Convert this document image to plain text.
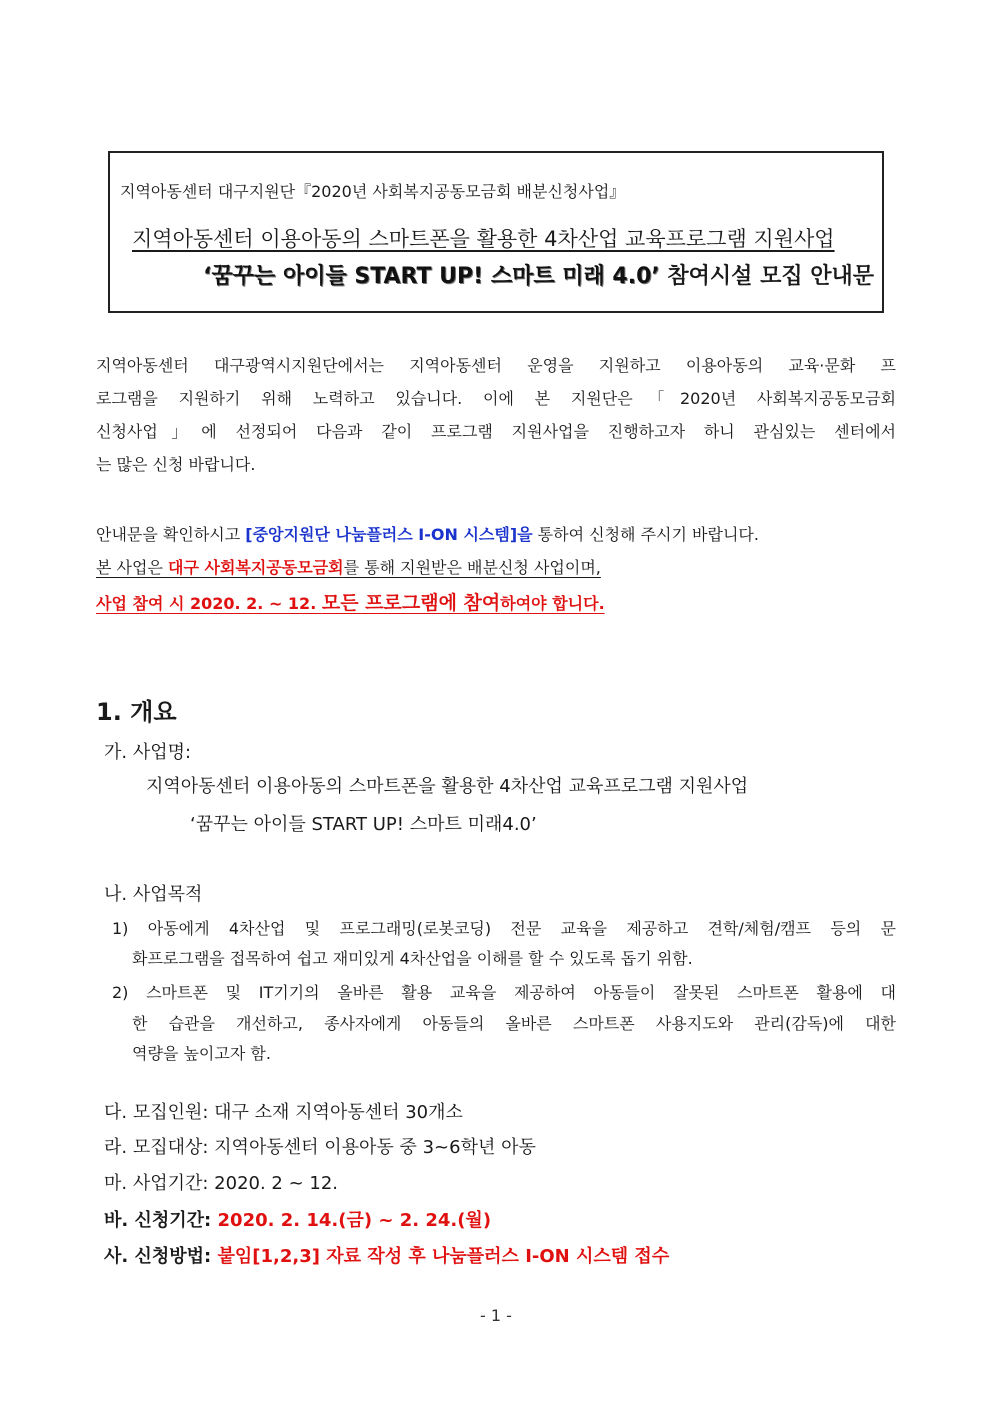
지역아동센터 대구지원단『2020년 사회복지공동모금회 배분신청사업』
지역아동센터 이용아동의 스마트폰을 활용한 4차산업 교육프로그램 지원사업
‘꿈꾸는 아이들 START UP! 스마트 미래 4.0’ 참여시설 모집 안내문
지역아동센터 대구광역시지원단에서는 지역아동센터 운영을 지원하고 이용아동의 교육·문화 프
로그램을 지원하기 위해 노력하고 있습니다. 이에 본 지원단은「2020년 사회복지공동모금회
신청사업」에 선정되어 다음과 같이 프로그램 지원사업을 진행하고자 하니 관심있는 센터에서
는 많은 신청 바랍니다.
안내문을 확인하시고 [중앙지원단 나눔플러스 I-ON 시스템]을 통하여 신청해 주시기 바랍니다.
본 사업은 대구 사회복지공동모금회를 통해 지원받은 배분신청 사업이며,
사업 참여 시 2020. 2. ~ 12. 모든 프로그램에 참여하여야 합니다.
1. 개요
가. 사업명:
지역아동센터 이용아동의 스마트폰을 활용한 4차산업 교육프로그램 지원사업
‘꿈꾸는 아이들 START UP! 스마트 미래4.0’
나. 사업목적
1) 아동에게 4차산업 및 프로그래밍(로봇코딩) 전문 교육을 제공하고 견학/체험/캠프 등의 문
화프로그램을 접목하여 쉽고 재미있게 4차산업을 이해를 할 수 있도록 돕기 위함.
2) 스마트폰 및 IT기기의 올바른 활용 교육을 제공하여 아동들이 잘못된 스마트폰 활용에 대
한 습관을 개선하고, 종사자에게 아동들의 올바른 스마트폰 사용지도와 관리(감독)에 대한
역량을 높이고자 함.
다. 모집인원: 대구 소재 지역아동센터 30개소
라. 모집대상: 지역아동센터 이용아동 중 3~6학년 아동
마. 사업기간: 2020. 2 ~ 12.
바. 신청기간: 2020. 2. 14.(금) ~ 2. 24.(월)
사. 신청방법: 붙임[1,2,3] 자료 작성 후 나눔플러스 I-ON 시스템 접수
- 1 -
